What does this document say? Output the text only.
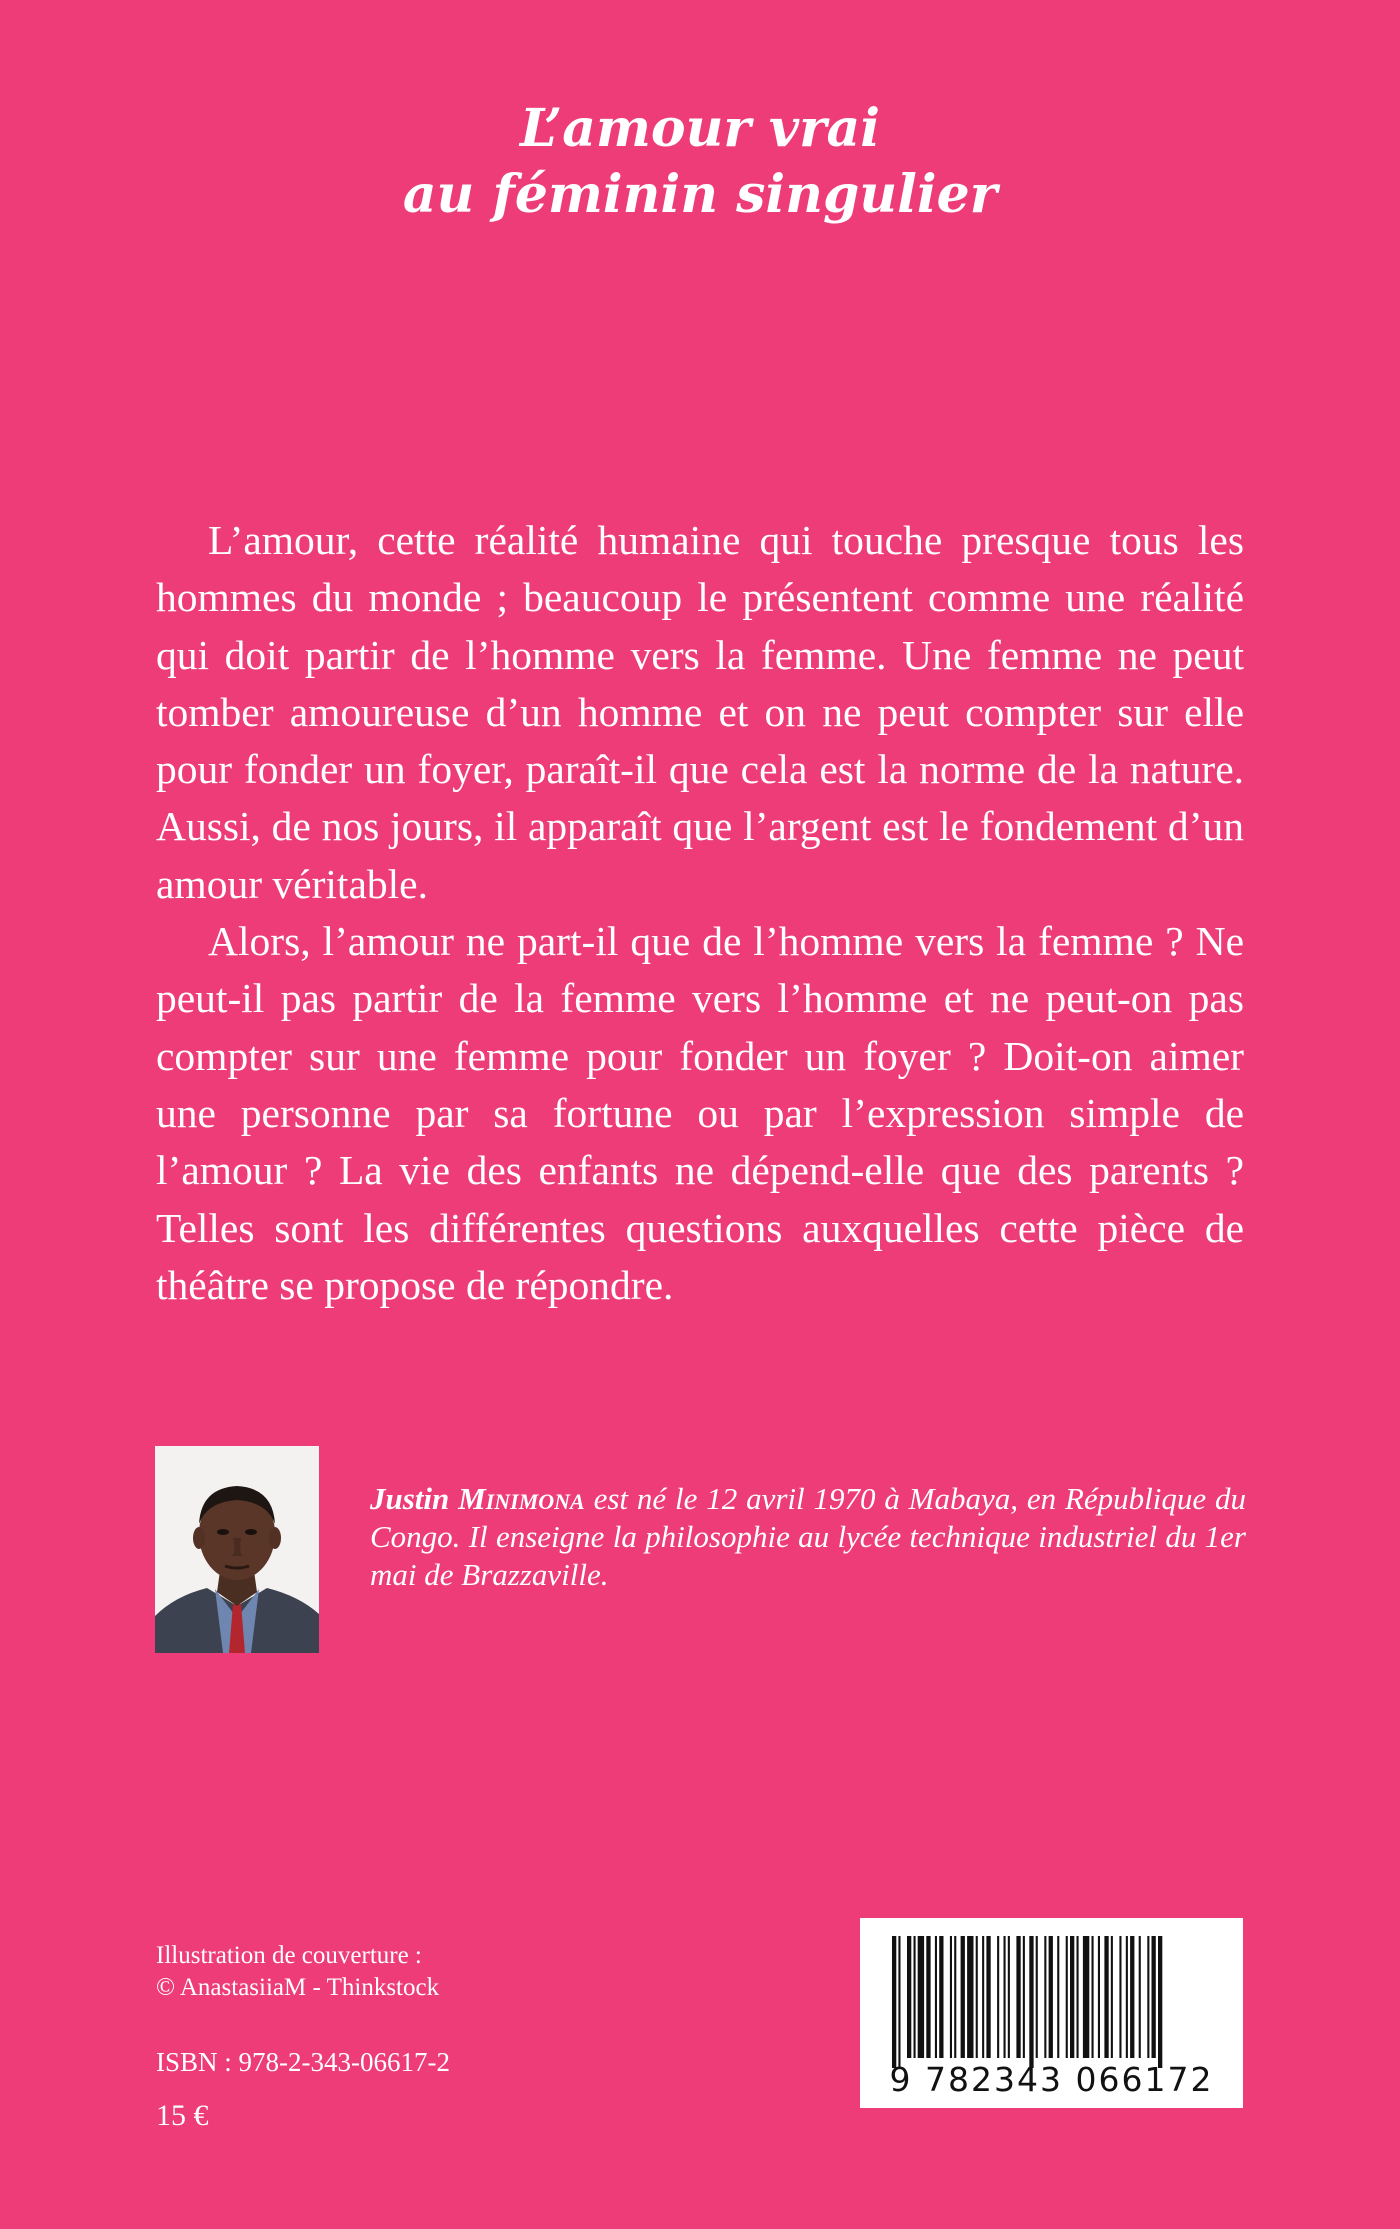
L’amour vrai
au féminin singulier

L’amour, cette réalité humaine qui touche presque tous les hommes du monde ; beaucoup le présentent comme une réalité qui doit partir de l’homme vers la femme. Une femme ne peut tomber amoureuse d’un homme et on ne peut compter sur elle pour fonder un foyer, paraît-il que cela est la norme de la nature. Aussi, de nos jours, il apparaît que l’argent est le fondement d’un amour véritable.

Alors, l’amour ne part-il que de l’homme vers la femme ? Ne peut-il pas partir de la femme vers l’homme et ne peut-on pas compter sur une femme pour fonder un foyer ? Doit-on aimer une personne par sa fortune ou par l’expression simple de l’amour ? La vie des enfants ne dépend-elle que des parents ? Telles sont les différentes questions auxquelles cette pièce de théâtre se propose de répondre.

Justin Minimona est né le 12 avril 1970 à Mabaya, en République du Congo. Il enseigne la philosophie au lycée technique industriel du 1er mai de Brazzaville.
Illustration de couverture :
© AnastasiiaM - Thinkstock
ISBN : 978-2-343-06617-2
15 €
9 782343 066172
